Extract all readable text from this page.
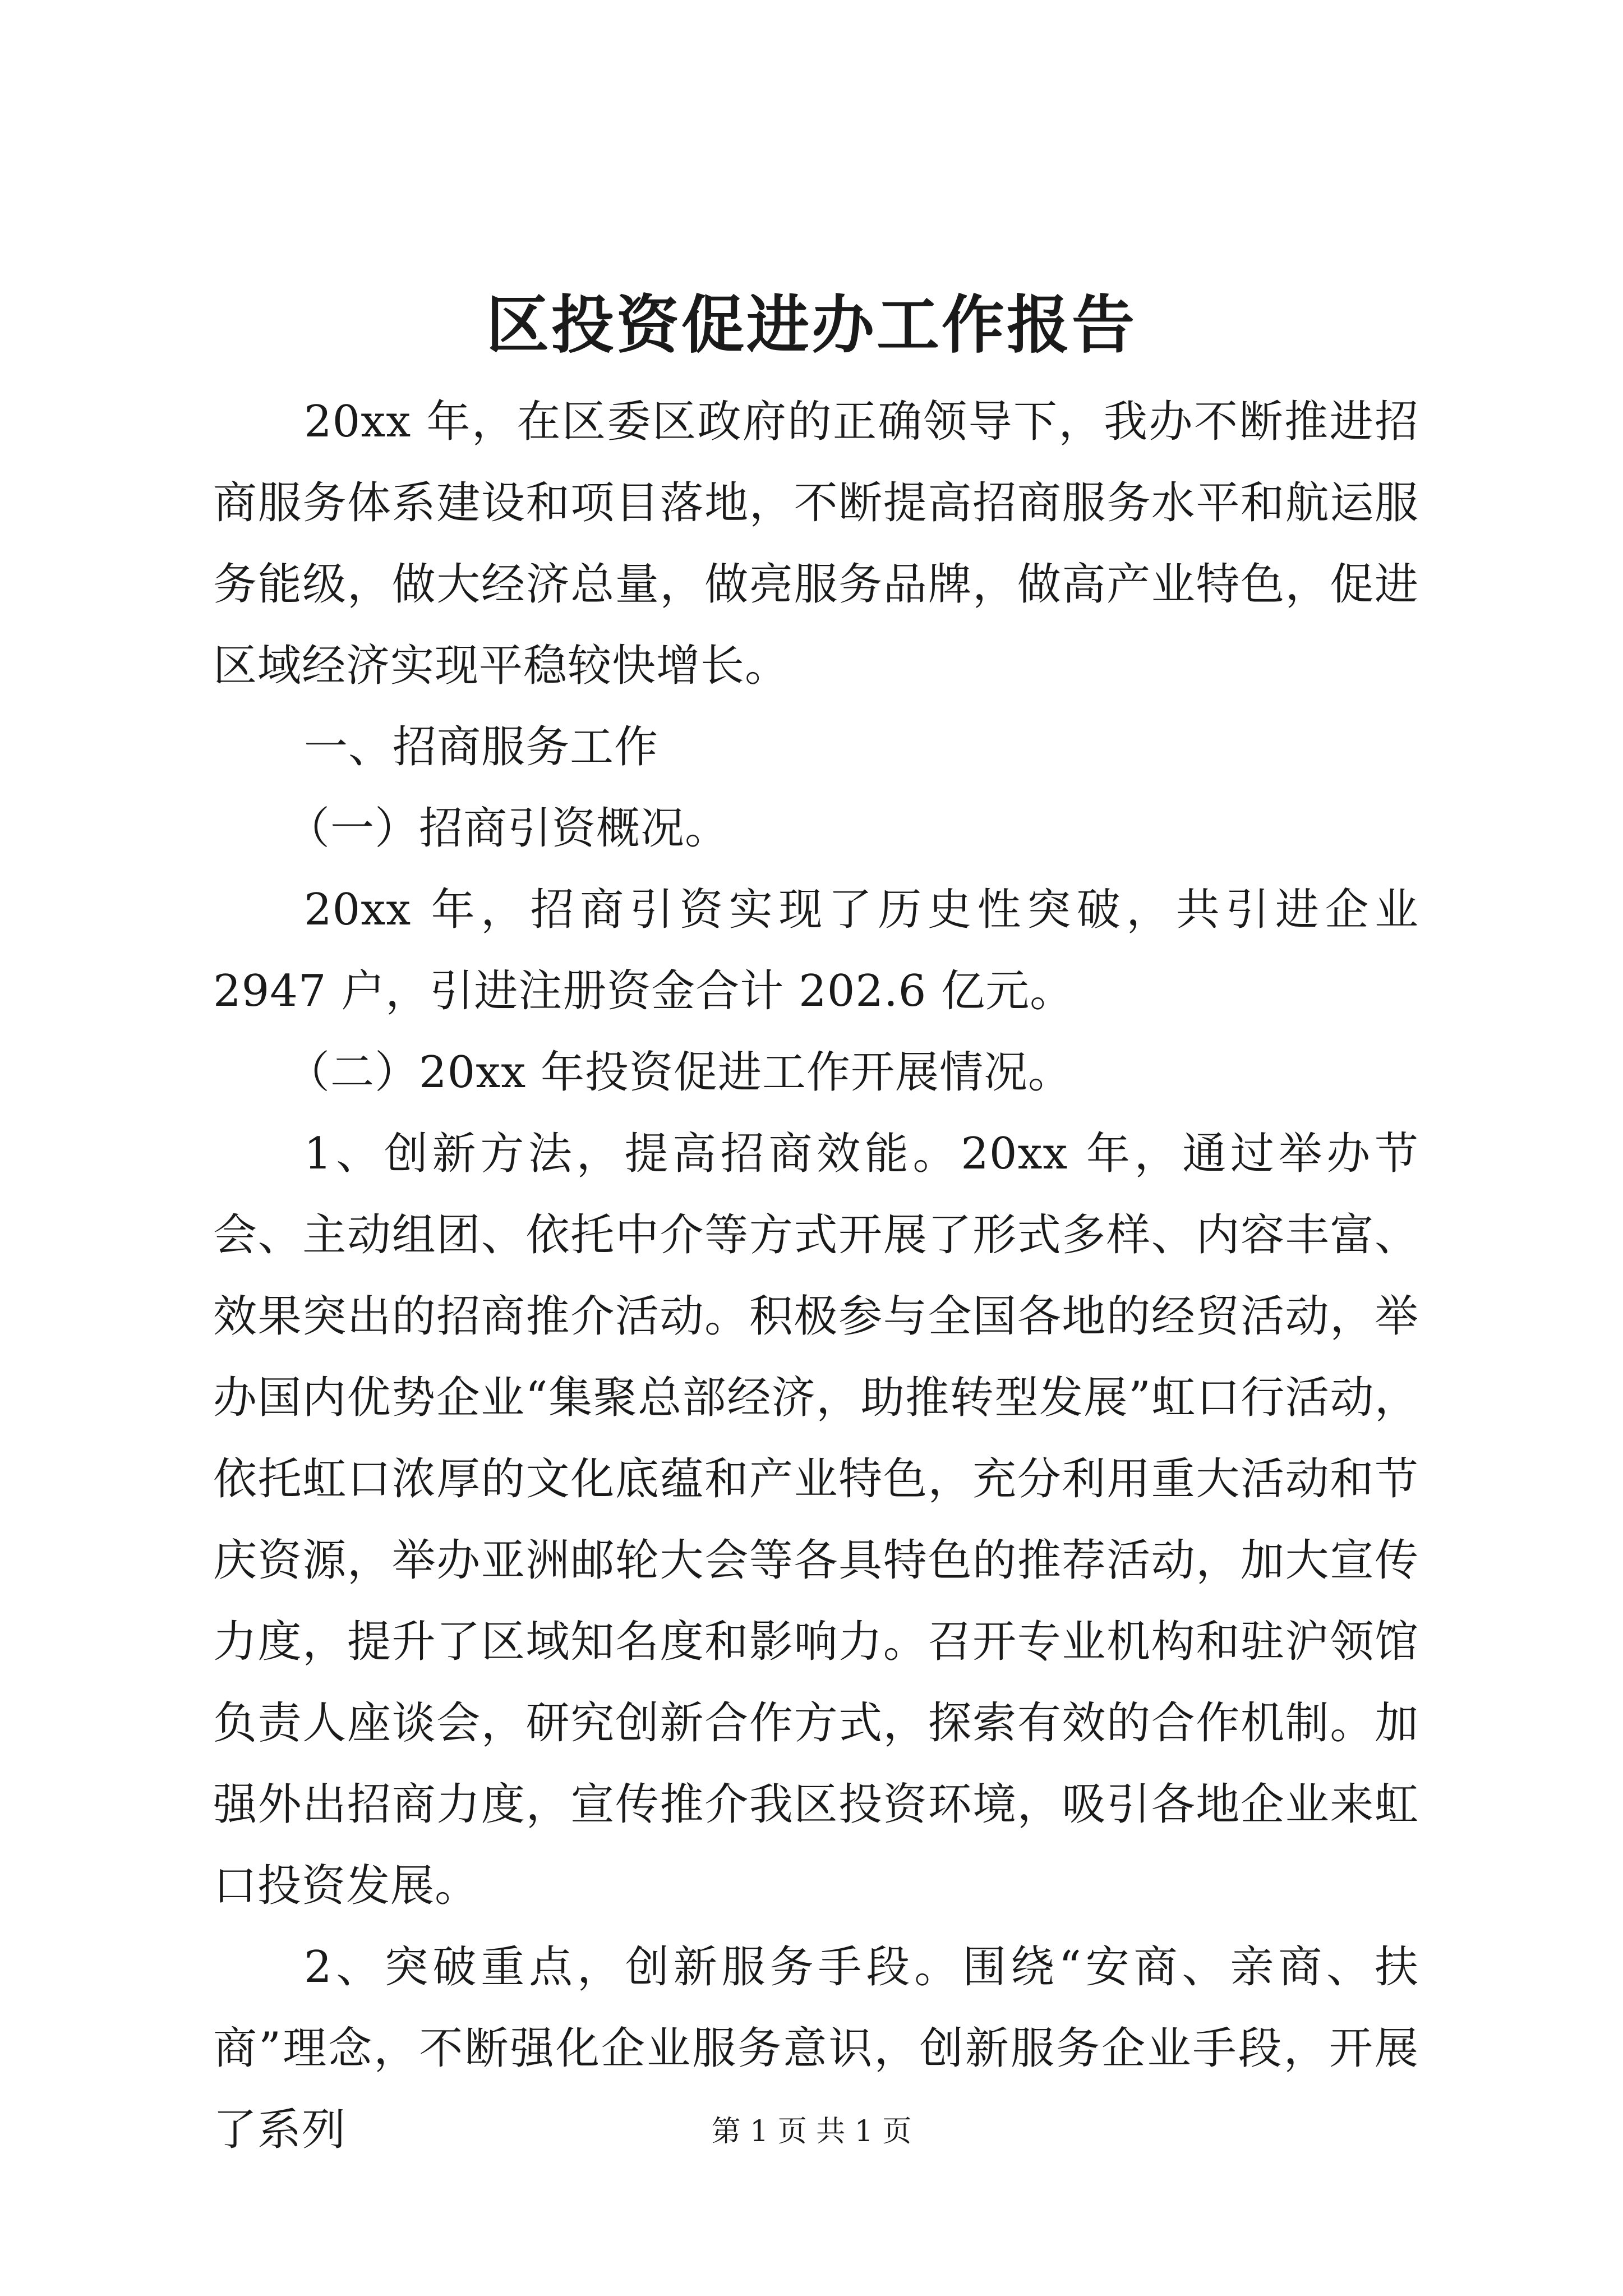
区投资促进办工作报告

20xx 年，在区委区政府的正确领导下，我办不断推进招商服务体系建设和项目落地，不断提高招商服务水平和航运服务能级，做大经济总量，做亮服务品牌，做高产业特色，促进区域经济实现平稳较快增长。

一、招商服务工作

（一）招商引资概况。

20xx 年，招商引资实现了历史性突破，共引进企业 2947 户，引进注册资金合计 202.6 亿元。

（二）20xx 年投资促进工作开展情况。

1、创新方法，提高招商效能。20xx 年，通过举办节会、主动组团、依托中介等方式开展了形式多样、内容丰富、效果突出的招商推介活动。积极参与全国各地的经贸活动，举办国内优势企业“集聚总部经济，助推转型发展”虹口行活动，依托虹口浓厚的文化底蕴和产业特色，充分利用重大活动和节庆资源，举办亚洲邮轮大会等各具特色的推荐活动，加大宣传力度，提升了区域知名度和影响力。召开专业机构和驻沪领馆负责人座谈会，研究创新合作方式，探索有效的合作机制。加强外出招商力度，宣传推介我区投资环境，吸引各地企业来虹口投资发展。

2、突破重点，创新服务手段。围绕“安商、亲商、扶商”理念，不断强化企业服务意识，创新服务企业手段，开展了系列	第 1 页 共 1 页
